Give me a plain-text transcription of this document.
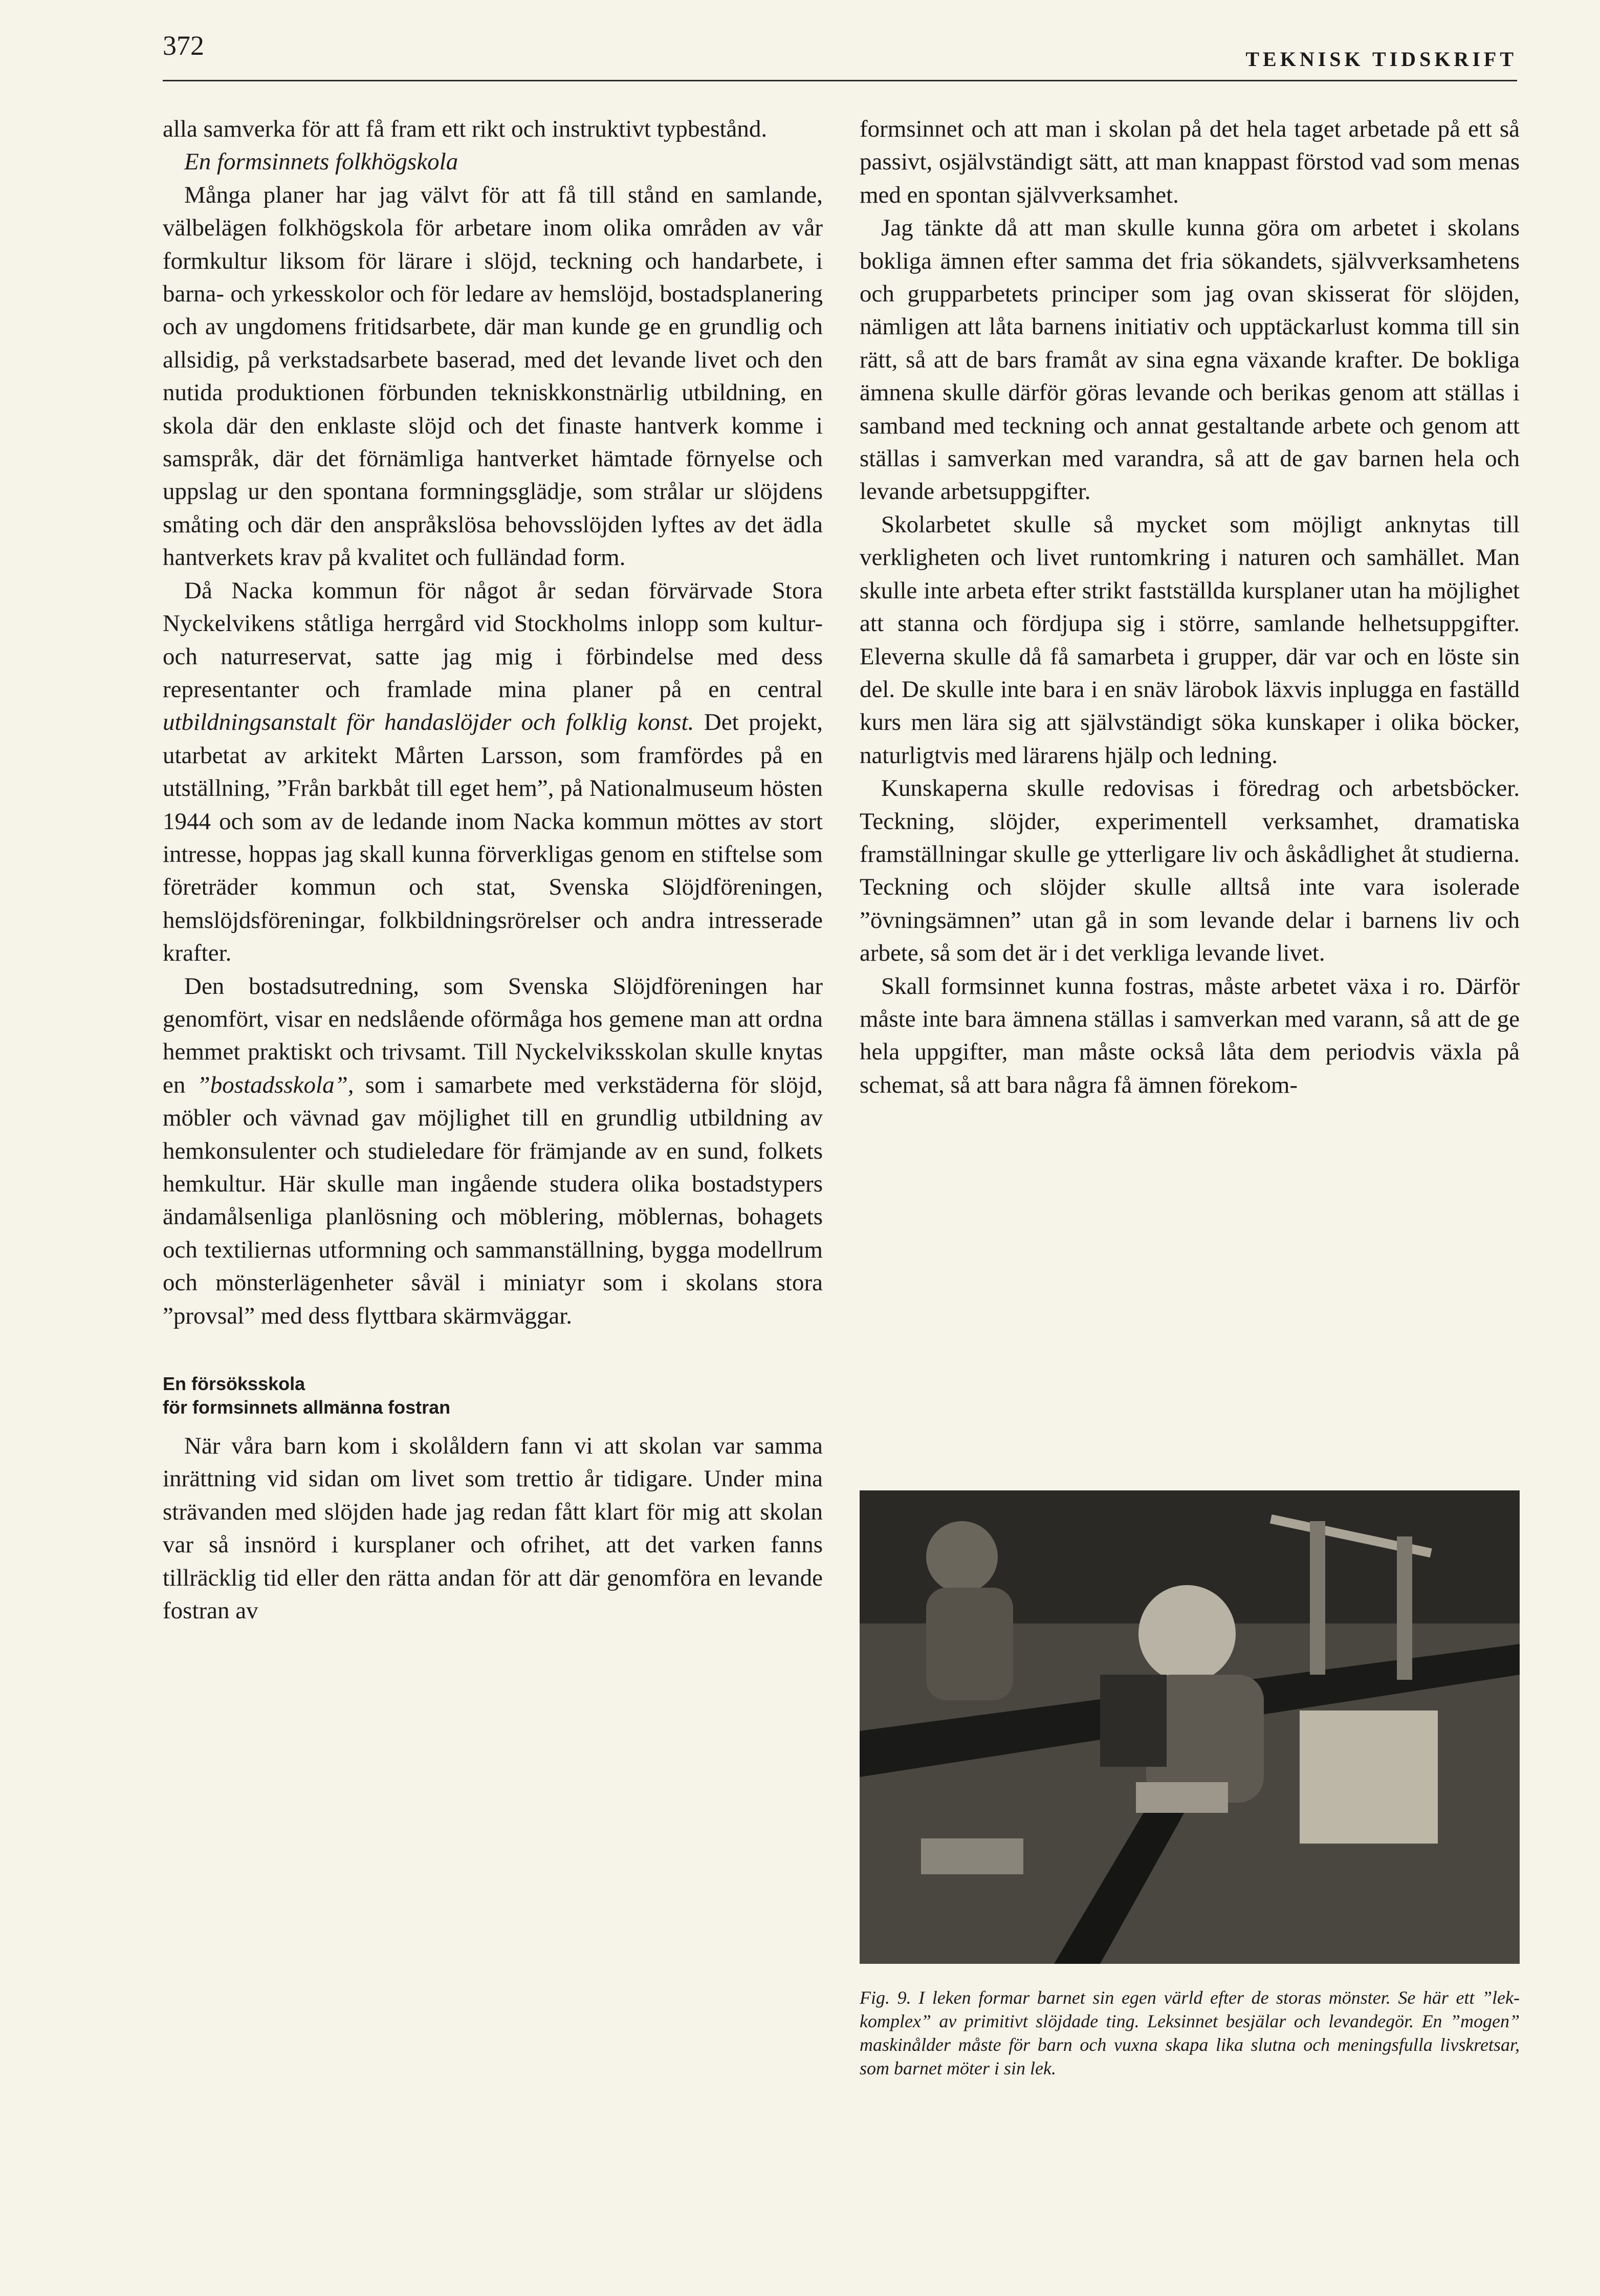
372	TEKNISK TIDSKRIFT

alla samverka för att få fram ett rikt och instruktivt typbestånd.

En formsinnets folkhögskola

Många planer har jag välvt för att få till stånd en samlande, välbelägen folkhögskola för arbetare inom olika områden av vår formkultur liksom för lärare i slöjd, teckning och handarbete, i barna- och yrkesskolor och för ledare av hemslöjd, bostadsplanering och av ungdomens fritidsarbete, där man kunde ge en grundlig och allsidig, på verkstadsarbete baserad, med det levande livet och den nutida produktionen förbunden tekniskkonstnärlig utbildning, en skola där den enklaste slöjd och det finaste hantverk komme i samspråk, där det förnämliga hantverket hämtade förnyelse och uppslag ur den spontana formningsglädje, som strålar ur slöjdens småting och där den anspråkslösa behovsslöjden lyftes av det ädla hantverkets krav på kvalitet och fulländad form.

Då Nacka kommun för något år sedan förvärvade Stora Nyckelvikens ståtliga herrgård vid Stockholms inlopp som kultur- och naturreservat, satte jag mig i förbindelse med dess representanter och framlade mina planer på en central utbildningsanstalt för handaslöjder och folklig konst. Det projekt, utarbetat av arkitekt Mårten Larsson, som framfördes på en utställning, ”Från barkbåt till eget hem”, på Nationalmuseum hösten 1944 och som av de ledande inom Nacka kommun möttes av stort intresse, hoppas jag skall kunna förverkligas genom en stiftelse som företräder kommun och stat, Svenska Slöjdföreningen, hemslöjdsföreningar, folkbildningsrörelser och andra intresserade krafter.

Den bostadsutredning, som Svenska Slöjdföreningen har genomfört, visar en nedslående oförmåga hos gemene man att ordna hemmet praktiskt och trivsamt. Till Nyckelviksskolan skulle knytas en ”bostadsskola”, som i samarbete med verkstäderna för slöjd, möbler och vävnad gav möjlighet till en grundlig utbildning av hemkonsulenter och studieledare för främjande av en sund, folkets hemkultur. Här skulle man ingående studera olika bostadstypers ändamålsenliga planlösning och möblering, möblernas, bohagets och textiliernas utformning och sammanställning, bygga modellrum och mönsterlägenheter såväl i miniatyr som i skolans stora ”provsal” med dess flyttbara skärmväggar.

En försöksskola
för formsinnets allmänna fostran

När våra barn kom i skolåldern fann vi att skolan var samma inrättning vid sidan om livet som trettio år tidigare. Under mina strävanden med slöjden hade jag redan fått klart för mig att skolan var så insnörd i kursplaner och ofrihet, att det varken fanns tillräcklig tid eller den rätta andan för att där genomföra en levande fostran av

formsinnet och att man i skolan på det hela taget arbetade på ett så passivt, osjälvständigt sätt, att man knappast förstod vad som menas med en spontan självverksamhet.

Jag tänkte då att man skulle kunna göra om arbetet i skolans bokliga ämnen efter samma det fria sökandets, självverksamhetens och grupparbetets principer som jag ovan skisserat för slöjden, nämligen att låta barnens initiativ och upptäckarlust komma till sin rätt, så att de bars framåt av sina egna växande krafter. De bokliga ämnena skulle därför göras levande och berikas genom att ställas i samband med teckning och annat gestaltande arbete och genom att ställas i samverkan med varandra, så att de gav barnen hela och levande arbetsuppgifter.

Skolarbetet skulle så mycket som möjligt anknytas till verkligheten och livet runtomkring i naturen och samhället. Man skulle inte arbeta efter strikt fastställda kursplaner utan ha möjlighet att stanna och fördjupa sig i större, samlande helhetsuppgifter. Eleverna skulle då få samarbeta i grupper, där var och en löste sin del. De skulle inte bara i en snäv lärobok läxvis inplugga en faställd kurs men lära sig att självständigt söka kunskaper i olika böcker, naturligtvis med lärarens hjälp och ledning.

Kunskaperna skulle redovisas i föredrag och arbetsböcker. Teckning, slöjder, experimentell verksamhet, dramatiska framställningar skulle ge ytterligare liv och åskådlighet åt studierna. Teckning och slöjder skulle alltså inte vara isolerade ”övningsämnen” utan gå in som levande delar i barnens liv och arbete, så som det är i det verkliga levande livet.

Skall formsinnet kunna fostras, måste arbetet växa i ro. Därför måste inte bara ämnena ställas i samverkan med varann, så att de ge hela uppgifter, man måste också låta dem periodvis växla på schemat, så att bara några få ämnen förekom-

Fig. 9. I leken formar barnet sin egen värld efter de storas mönster. Se här ett ”lek-komplex” av primitivt slöjdade ting. Leksinnet besjälar och levandegör. En ”mogen” maskinålder måste för barn och vuxna skapa lika slutna och meningsfulla livskretsar, som barnet möter i sin lek.
